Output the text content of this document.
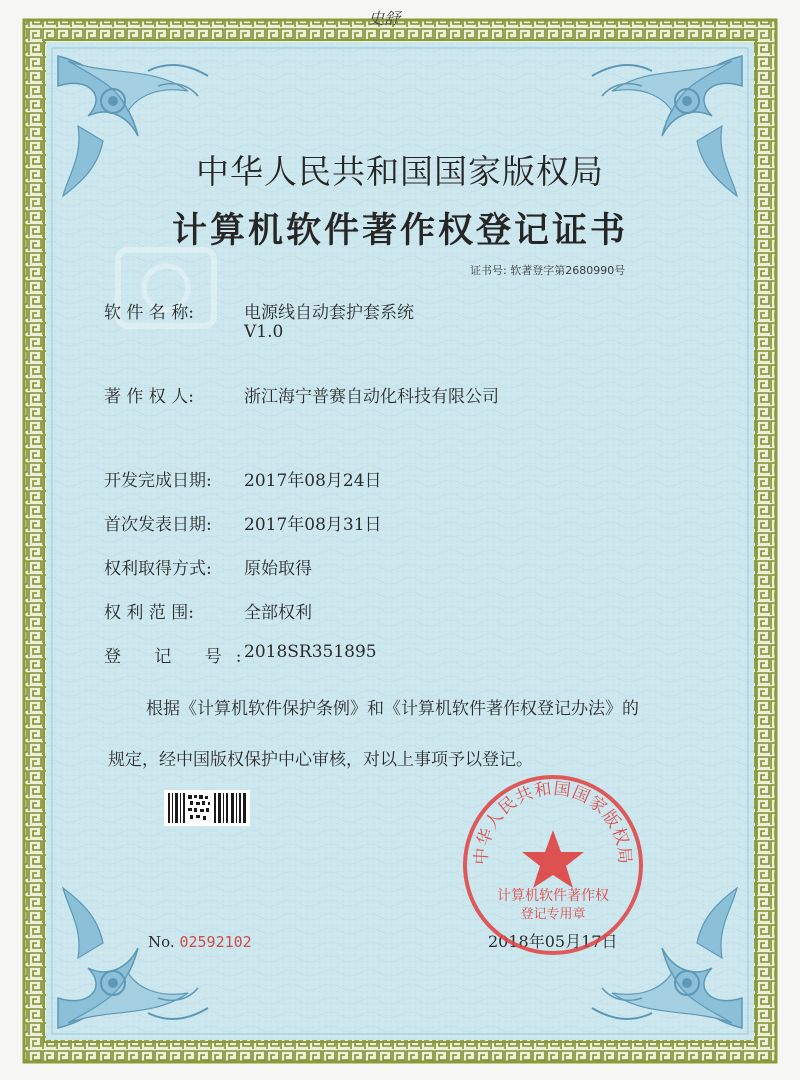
史舒
中华人民共和国国家版权局
计算机软件著作权登记证书
证书号: 软著登字第2680990号
软 件 名 称:	电源线自动套护套系统
V1.0
著 作 权 人:	浙江海宁普赛自动化科技有限公司
开发完成日期: 2017年08月24日
首次发表日期: 2017年08月31日
权利取得方式: 原始取得
权 利 范 围:	全部权利
登 记 号:
2018SR351895
根据《计算机软件保护条例》和《计算机软件著作权登记办法》的
规定，经中国版权保护中心审核，对以上事项予以登记。
No. 02592102	2018年05月17日
中华人民共和国国家版权局
计算机软件著作权
登记专用章
